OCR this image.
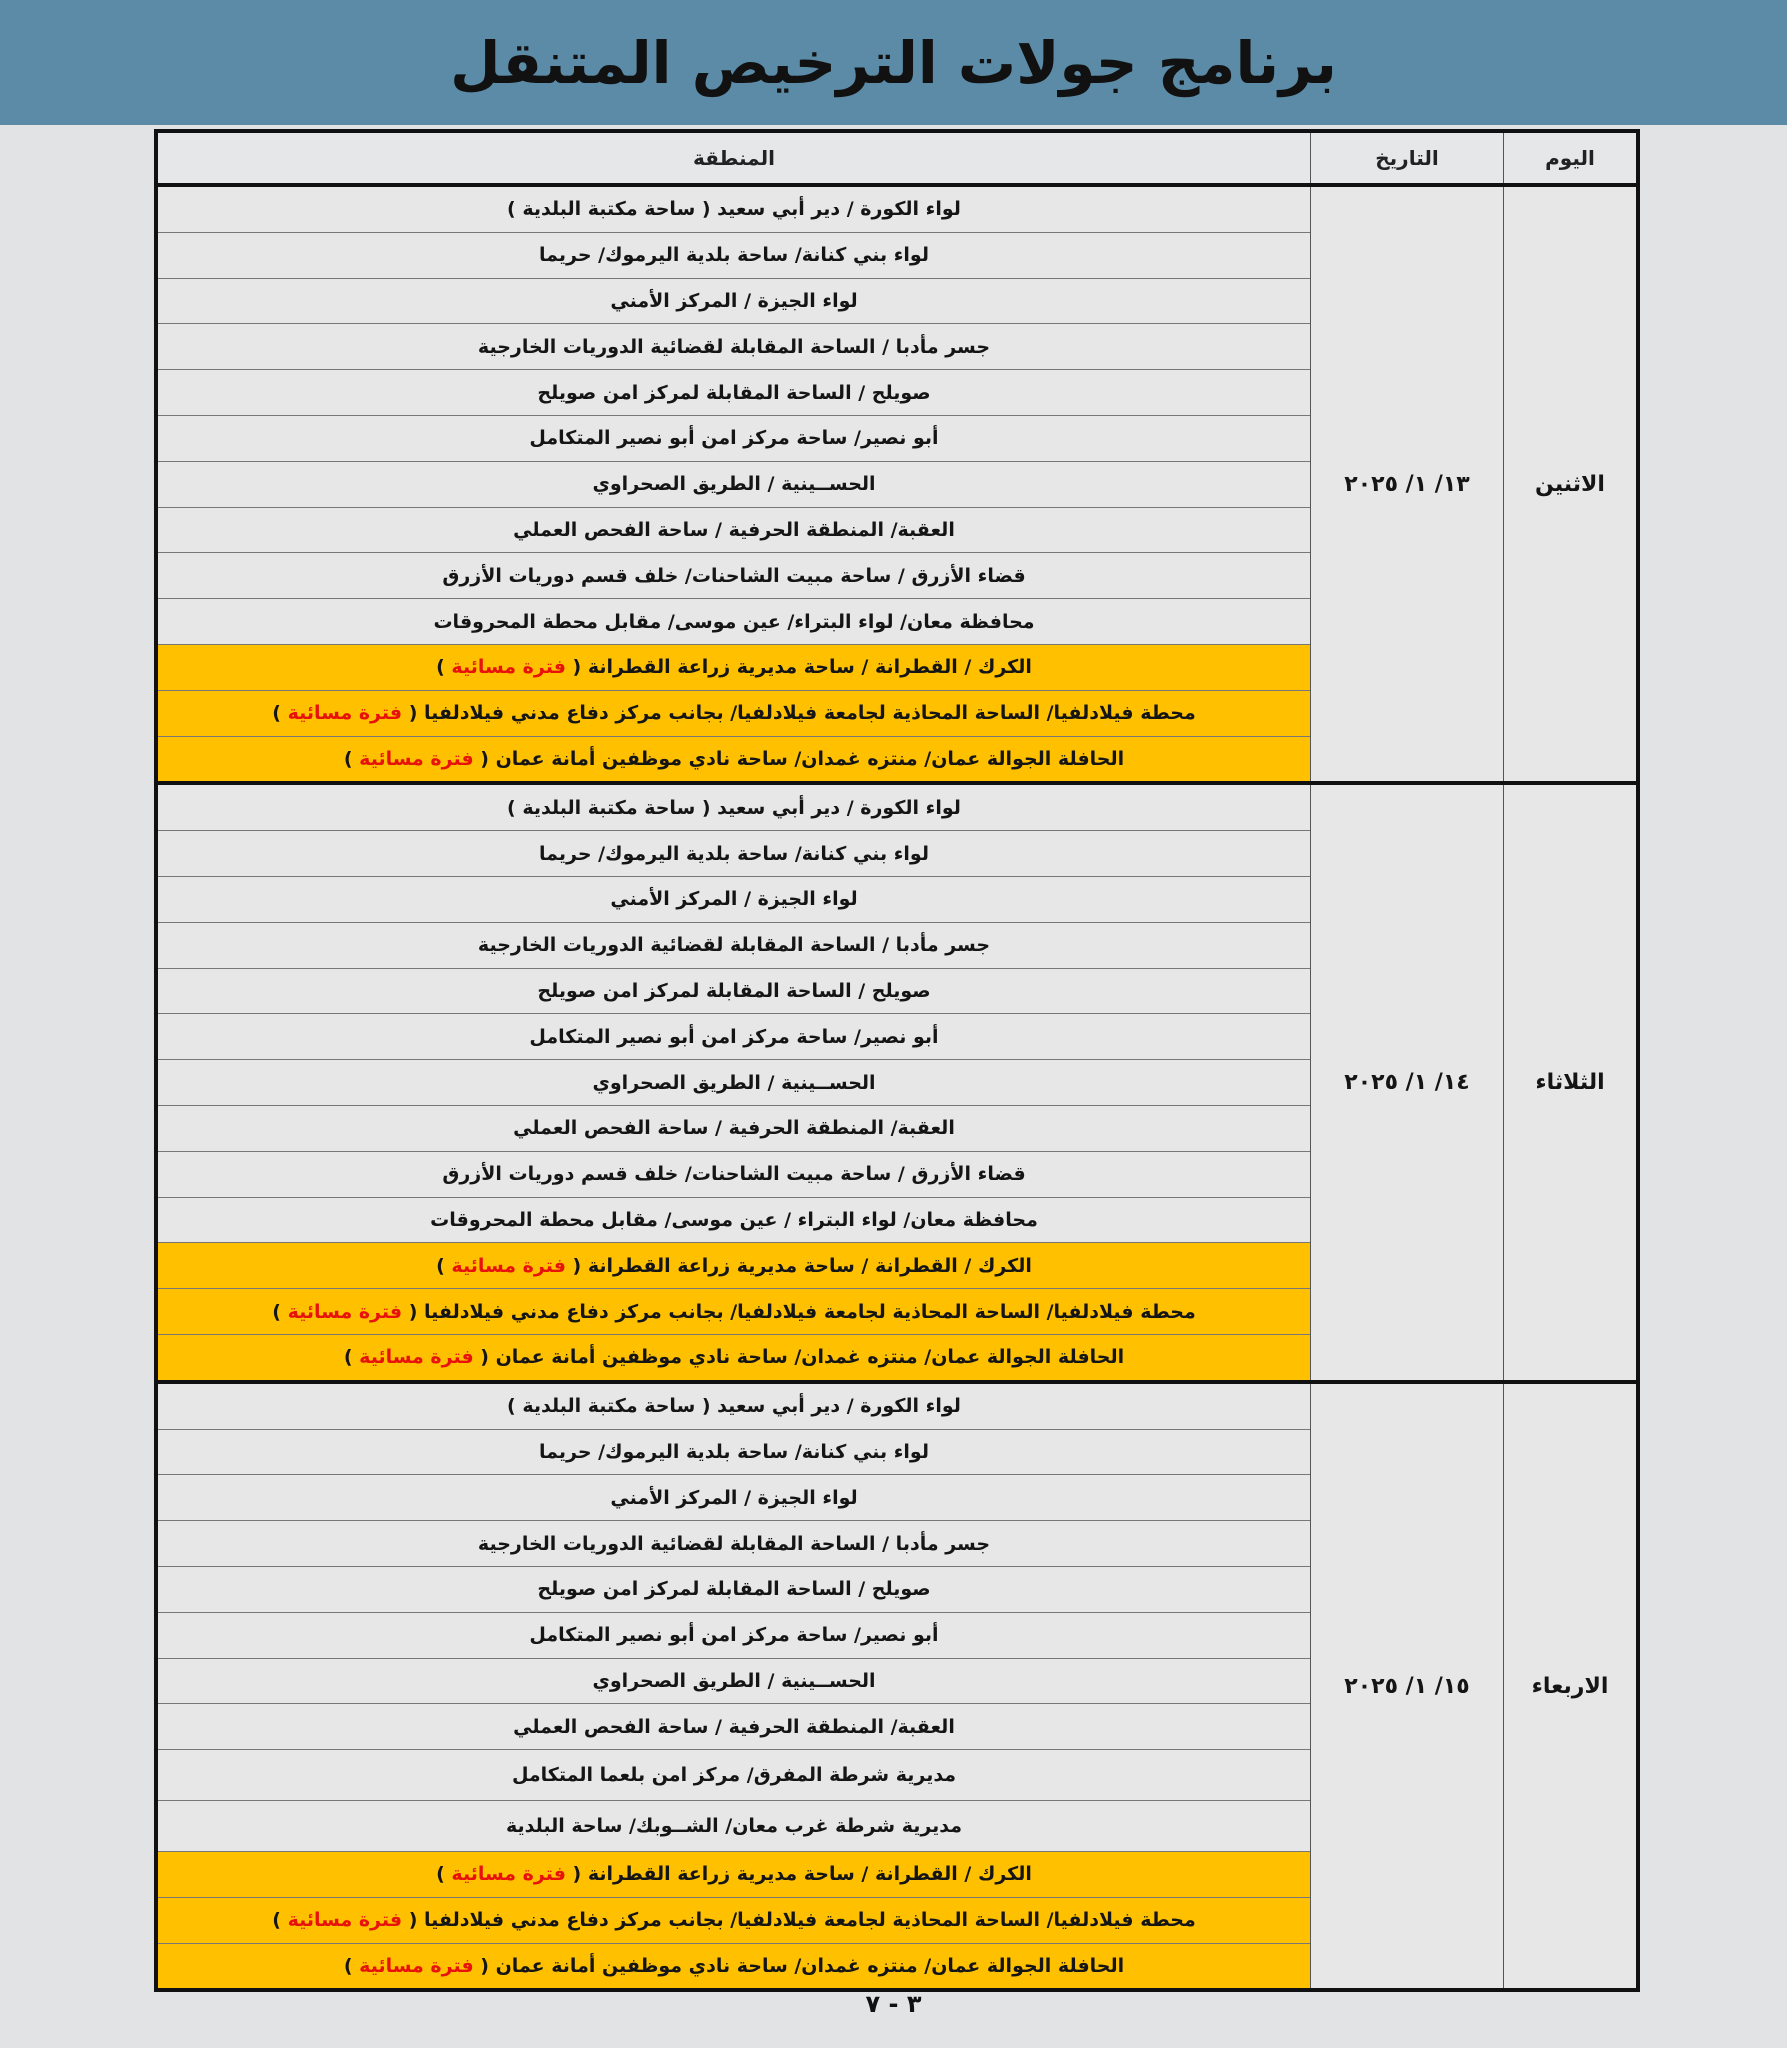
برنامج جولات الترخيص المتنقل
اليوم	التاريخ	المنطقة
الاثنين	١٣/ ١/ ٢٠٢٥	لواء الكورة / دير أبي سعيد ( ساحة مكتبة البلدية )
		لواء بني كنانة/ ساحة بلدية اليرموك/ حريما
		لواء الجيزة / المركز الأمني
		جسر مأدبا / الساحة المقابلة لقضائية الدوريات الخارجية
		صويلح / الساحة المقابلة لمركز امن صويلح
		أبو نصير/ ساحة مركز امن أبو نصير المتكامل
		الحســينية / الطريق الصحراوي
		العقبة/ المنطقة الحرفية / ساحة الفحص العملي
		قضاء الأزرق / ساحة مبيت الشاحنات/ خلف قسم دوريات الأزرق
		محافظة معان/ لواء البتراء/ عين موسى/ مقابل محطة المحروقات
		الكرك / القطرانة / ساحة مديرية زراعة القطرانة ( فترة مسائية )
		محطة فيلادلفيا/ الساحة المحاذية لجامعة فيلادلفيا/ بجانب مركز دفاع مدني فيلادلفيا ( فترة مسائية )
		الحافلة الجوالة عمان/ منتزه غمدان/ ساحة نادي موظفين أمانة عمان ( فترة مسائية )
الثلاثاء	١٤/ ١/ ٢٠٢٥	لواء الكورة / دير أبي سعيد ( ساحة مكتبة البلدية )
		لواء بني كنانة/ ساحة بلدية اليرموك/ حريما
		لواء الجيزة / المركز الأمني
		جسر مأدبا / الساحة المقابلة لقضائية الدوريات الخارجية
		صويلح / الساحة المقابلة لمركز امن صويلح
		أبو نصير/ ساحة مركز امن أبو نصير المتكامل
		الحســينية / الطريق الصحراوي
		العقبة/ المنطقة الحرفية / ساحة الفحص العملي
		قضاء الأزرق / ساحة مبيت الشاحنات/ خلف قسم دوريات الأزرق
		محافظة معان/ لواء البتراء / عين موسى/ مقابل محطة المحروقات
		الكرك / القطرانة / ساحة مديرية زراعة القطرانة ( فترة مسائية )
		محطة فيلادلفيا/ الساحة المحاذية لجامعة فيلادلفيا/ بجانب مركز دفاع مدني فيلادلفيا ( فترة مسائية )
		الحافلة الجوالة عمان/ منتزه غمدان/ ساحة نادي موظفين أمانة عمان ( فترة مسائية )
الاربعاء	١٥/ ١/ ٢٠٢٥	لواء الكورة / دير أبي سعيد ( ساحة مكتبة البلدية )
		لواء بني كنانة/ ساحة بلدية اليرموك/ حريما
		لواء الجيزة / المركز الأمني
		جسر مأدبا / الساحة المقابلة لقضائية الدوريات الخارجية
		صويلح / الساحة المقابلة لمركز امن صويلح
		أبو نصير/ ساحة مركز امن أبو نصير المتكامل
		الحســينية / الطريق الصحراوي
		العقبة/ المنطقة الحرفية / ساحة الفحص العملي
		مديرية شرطة المفرق/ مركز امن بلعما المتكامل
		مديرية شرطة غرب معان/ الشــوبك/ ساحة البلدية
		الكرك / القطرانة / ساحة مديرية زراعة القطرانة ( فترة مسائية )
		محطة فيلادلفيا/ الساحة المحاذية لجامعة فيلادلفيا/ بجانب مركز دفاع مدني فيلادلفيا ( فترة مسائية )
		الحافلة الجوالة عمان/ منتزه غمدان/ ساحة نادي موظفين أمانة عمان ( فترة مسائية )
٣ - ٧
